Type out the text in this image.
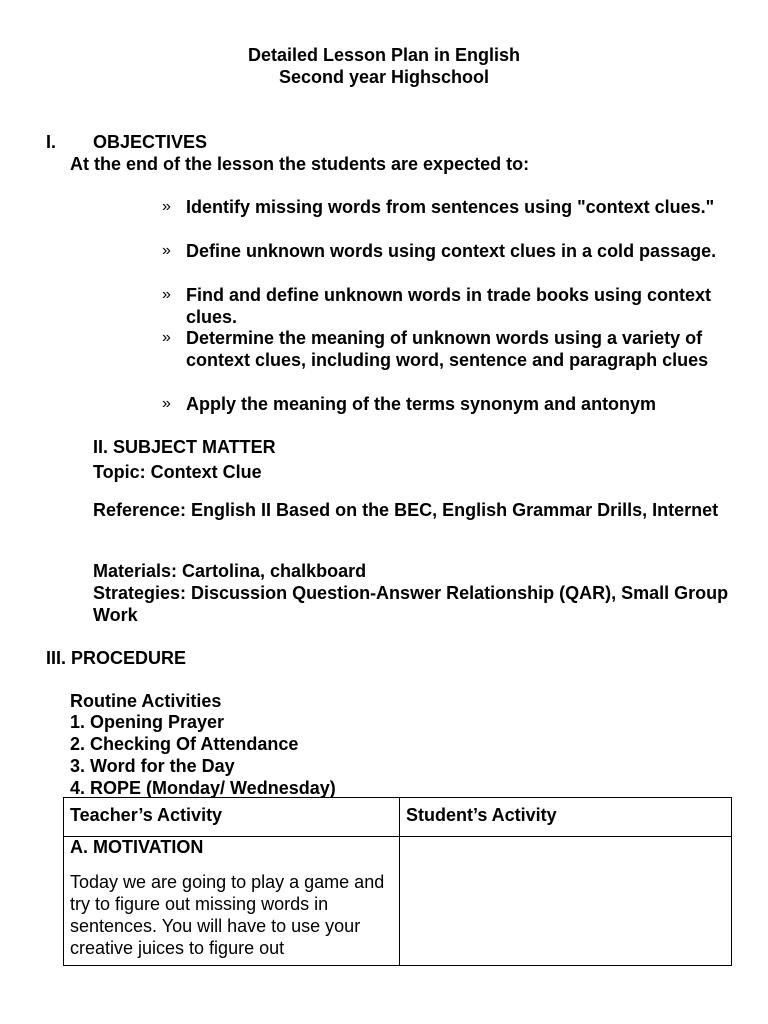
Detailed Lesson Plan in English
Second year Highschool
I. OBJECTIVES
At the end of the lesson the students are expected to:
» Identify missing words from sentences using "context clues."
» Define unknown words using context clues in a cold passage.
» Find and define unknown words in trade books using context clues.
» Determine the meaning of unknown words using a variety of context clues, including word, sentence and paragraph clues
» Apply the meaning of the terms synonym and antonym
II. SUBJECT MATTER
Topic: Context Clue
Reference: English II Based on the BEC, English Grammar Drills, Internet
Materials: Cartolina, chalkboard
Strategies: Discussion Question-Answer Relationship (QAR), Small Group Work
III. PROCEDURE
Routine Activities
1. Opening Prayer
2. Checking Of Attendance
3. Word for the Day
4. ROPE (Monday/ Wednesday)
Teacher’s Activity	Student’s Activity

A. MOTIVATION
Today we are going to play a game and try to figure out missing words in sentences. You will have to use your creative juices to figure out	
